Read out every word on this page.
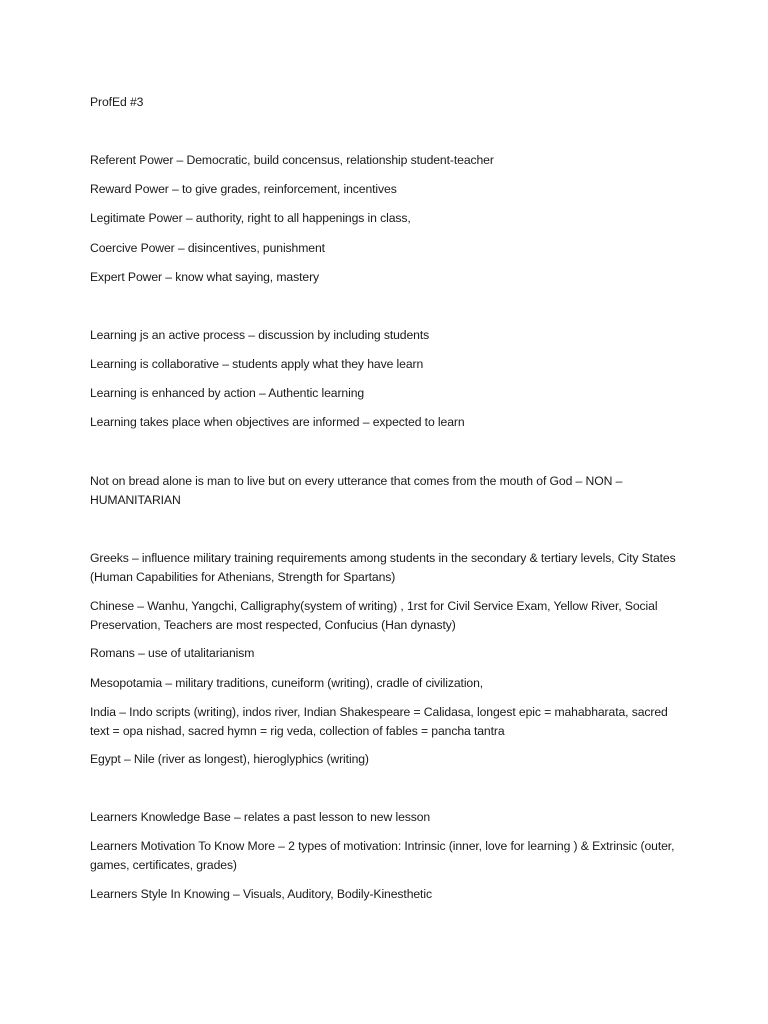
ProfEd #3
Referent Power – Democratic, build concensus, relationship student-teacher
Reward Power – to give grades, reinforcement, incentives
Legitimate Power – authority, right to all happenings in class,
Coercive Power – disincentives, punishment
Expert Power – know what saying, mastery
Learning js an active process – discussion by including students
Learning is collaborative – students apply what they have learn
Learning is enhanced by action – Authentic learning
Learning takes place when objectives are informed – expected to learn
Not on bread alone is man to live but on every utterance that comes from the mouth of God – NON – HUMANITARIAN
Greeks – influence military training requirements among students in the secondary & tertiary levels, City States (Human Capabilities for Athenians, Strength for Spartans)
Chinese – Wanhu, Yangchi, Calligraphy(system of writing) , 1rst for Civil Service Exam, Yellow River, Social Preservation, Teachers are most respected, Confucius (Han dynasty)
Romans – use of utalitarianism
Mesopotamia – military traditions, cuneiform (writing), cradle of civilization,
India – Indo scripts (writing), indos river, Indian Shakespeare = Calidasa, longest epic = mahabharata, sacred text = opa nishad, sacred hymn = rig veda, collection of fables = pancha tantra
Egypt – Nile (river as longest), hieroglyphics (writing)
Learners Knowledge Base – relates a past lesson to new lesson
Learners Motivation To Know More – 2 types of motivation: Intrinsic (inner, love for learning ) & Extrinsic (outer, games, certificates, grades)
Learners Style In Knowing – Visuals, Auditory, Bodily-Kinesthetic
